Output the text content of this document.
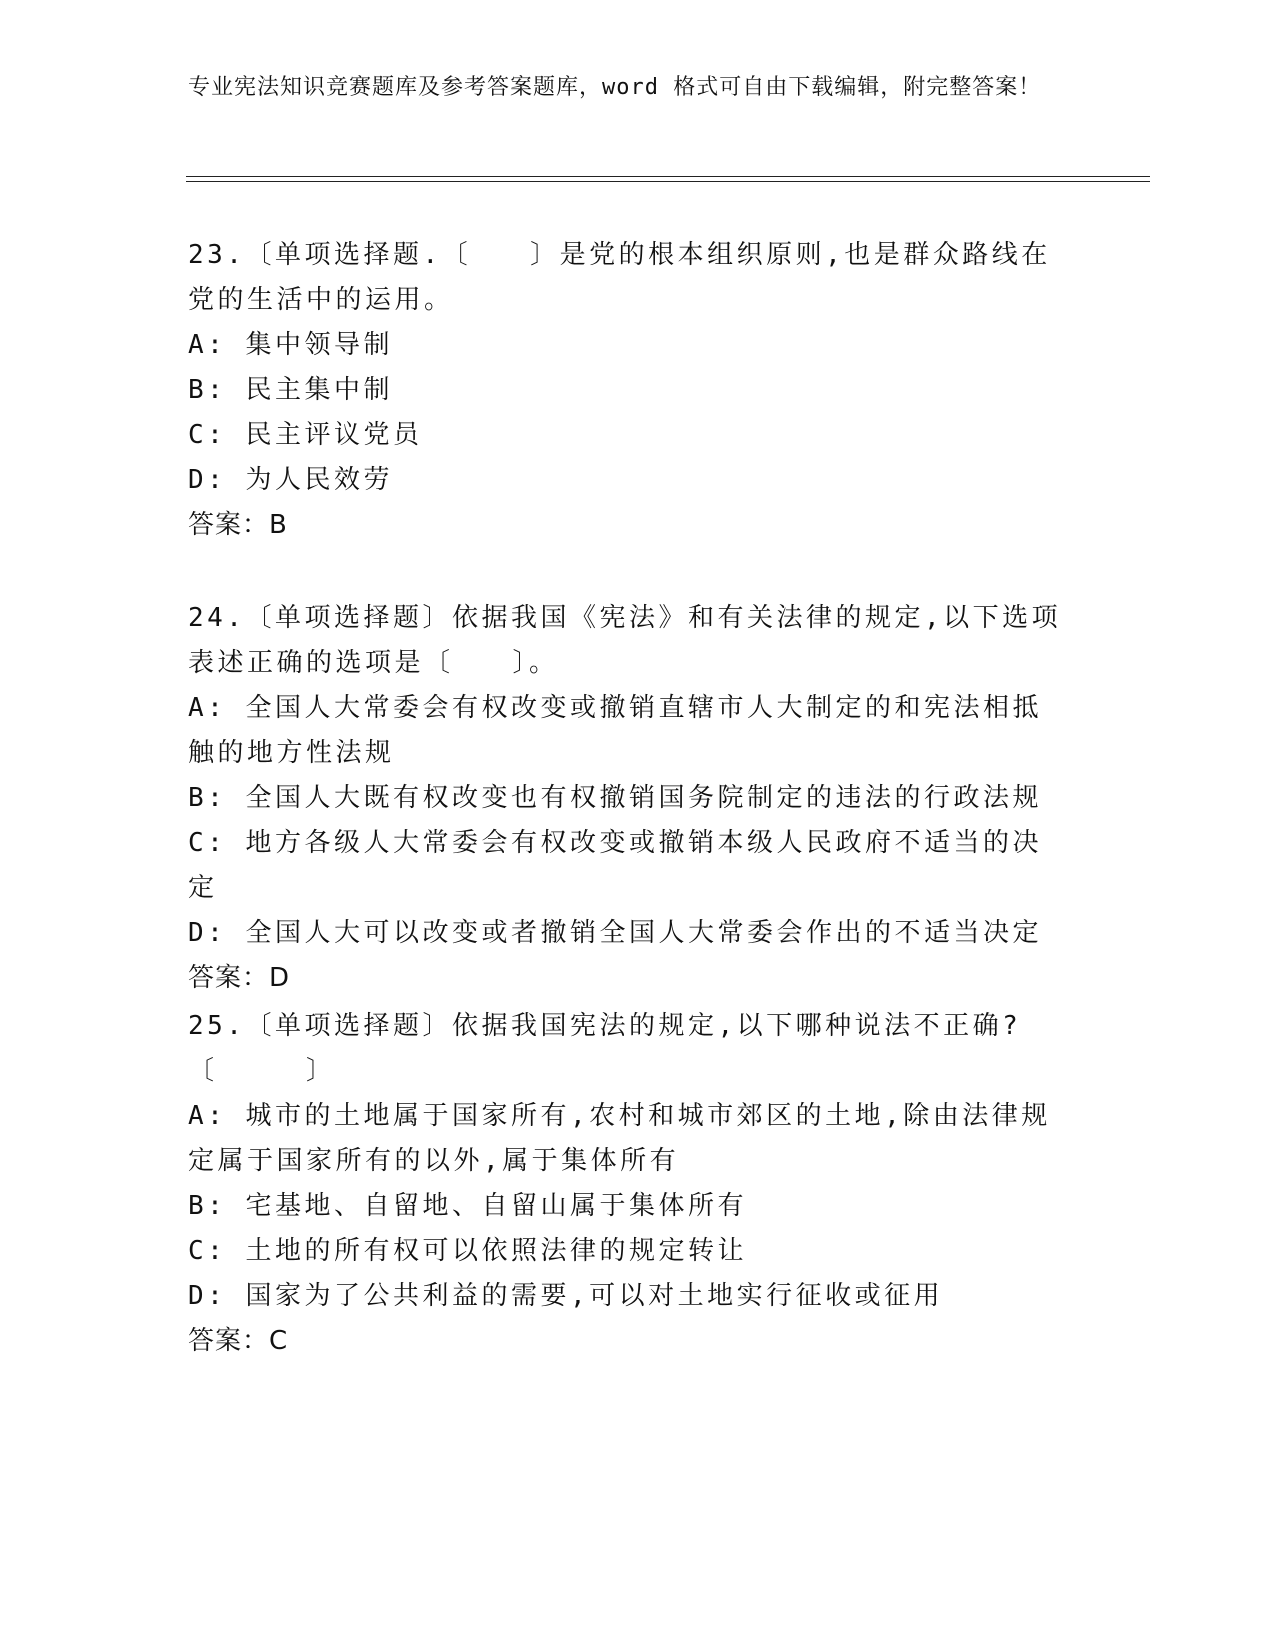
专业宪法知识竞赛题库及参考答案题库，word 格式可自由下载编辑，附完整答案！

23.〔单项选择题.〔　　〕是党的根本组织原则,也是群众路线在党的生活中的运用。

A: 集中领导制

B: 民主集中制

C: 民主评议党员

D: 为人民效劳

答案：B

24.〔单项选择题〕依据我国《宪法》和有关法律的规定,以下选项表述正确的选项是〔　　〕。

A: 全国人大常委会有权改变或撤销直辖市人大制定的和宪法相抵触的地方性法规

B: 全国人大既有权改变也有权撤销国务院制定的违法的行政法规

C: 地方各级人大常委会有权改变或撤销本级人民政府不适当的决定

D: 全国人大可以改变或者撤销全国人大常委会作出的不适当决定

答案：D

25.〔单项选择题〕依据我国宪法的规定,以下哪种说法不正确?〔　　　〕

A: 城市的土地属于国家所有,农村和城市郊区的土地,除由法律规定属于国家所有的以外,属于集体所有

B: 宅基地、自留地、自留山属于集体所有

C: 土地的所有权可以依照法律的规定转让

D: 国家为了公共利益的需要,可以对土地实行征收或征用

答案：C
